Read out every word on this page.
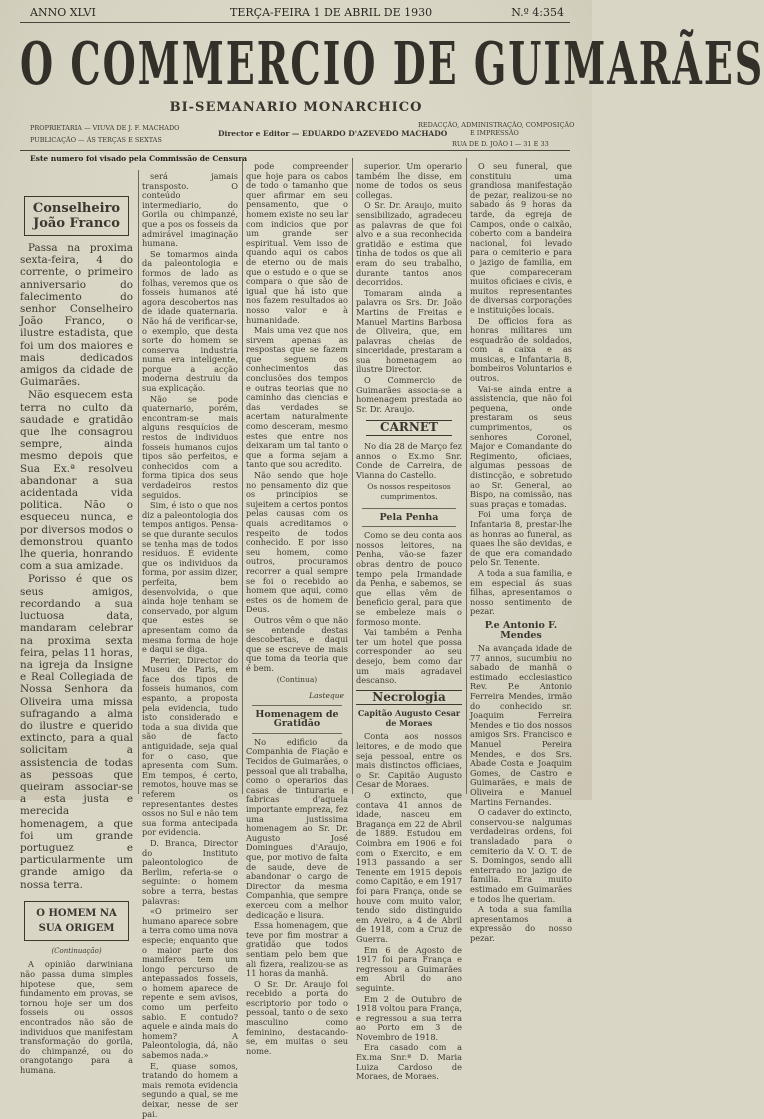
ANNO XLVI	TERÇA-FEIRA 1 DE ABRIL DE 1930	N.º 4:354
O COMMERCIO DE GUIMARÃES
BI-SEMANARIO MONARCHICO
PROPRIETARIA — VIUVA DE J. F. MACHADO
PUBLICAÇÃO — ÁS TERÇAS E SEXTAS
Director e Editor — EDUARDO D'AZEVEDO MACHADO
REDACÇÃO, ADMINISTRAÇÃO, COMPOSIÇÃO
E IMPRESSÃO
RUA DE D. JOÃO I — 31 E 33
Este numero foi visado pela Commissão de Censura
Conselheiro João Franco

Passa na proxima sexta-feira, 4 do corrente, o primeiro anniversario do falecimento do senhor Conselheiro João Franco, o ilustre estadista, que foi um dos maiores e mais dedicados amigos da cidade de Guimarães.

Não esquecem esta terra no culto da saudade e gratidão que lhe consagrou sempre, ainda mesmo depois que Sua Ex.ª resolveu abandonar a sua acidentada vida politica. Não o esqueceu nunca, e por diversos modos o demonstrou quanto lhe queria, honrando com a sua amizade.

Porisso é que os seus amigos, recordando a sua luctuosa data, mandaram celebrar na proxima sexta feira, pelas 11 horas, na igreja da Insigne e Real Collegiada de Nossa Senhora da Oliveira uma missa sufragando a alma do ilustre e querido extincto, para a qual solicitam a assistencia de todas as pessoas que queiram associar-se a esta justa e merecida homenagem, a que foi um grande portuguez e particularmente um grande amigo da nossa terra.

O HOMEM NA SUA ORIGEM
(Continuação)

A opinião darwiniana não passa duma simples hipotese que, sem fundamento em provas, se tornou hoje ser um dos fosseis ou ossos encontrados não são de individuos que manifestam transformação do gorila, do chimpanzé, ou do orangotango para a humana.

será jamais transposto. O conteúdo intermediario, do Gorila ou chimpanzé, que a pos os fosseis da admirável imaginação humana.

Se tomarmos ainda da paleontologia e formos de lado as folhas, veremos que os fosseis humanos até agora descobertos nas de idade quaternaria. Não há de verificar-se, o exemplo, que desta sorte do homem se conserva industria numa era inteligente, porque a acção moderna destruiu da sua explicação.

Não se pode quaternario, porém, encontram-se mais alguns resquícios de restos de individuos fosseis humanos cujos tipos são perfeitos, e conhecidos com a forma tipica dos seus verdadeiros restos seguidos.

Sim, é isto o que nos diz a paleontologia dos tempos antigos. Pensa-se que durante seculos se tenha mas de todos resíduos. É evidente que os individuos da forma, por assim dizer, perfeita, bem desenvolvida, o que ainda hoje tenham se conservado, por algum que estes se apresentam como da mesma forma de hoje e daqui se diga.

Perrier, Director do Museu de Paris, em face dos tipos de fosseis humanos, com espanto, a proposta pela evidencia, tudo isto considerado e toda a sua divida que são de facto antiguidade, seja qual for o caso, que apresenta com Sum. Em tempos, é certo, remotos, houve mas se referem os representantes destes ossos no Sul e não tem sua forma antecipada por evidencia.

D. Branca, Director do Instituto paleontologico de Berlim, referia-se o seguinte: o homem sobre a terra, bestas palavras:

«O primeiro ser humano aparece sobre a terra como uma nova especie; enquanto que o maior parte dos mamiferos tem um longo percurso de antepassados fosseis, o homem aparece de repente e sem avisos, como um perfeito sabio. E contudo? aquele e ainda mais do homem? A Paleontologia, dá, não sabemos nada.»

E, quase somos, tratando do homem a mais remota evidencia segundo a qual, se me deixar, nesse de ser pai.

pode compreender que hoje para os cabos de todo o tamanho que quer afirmar em seu pensamento, que o homem existe no seu lar com indicios que por um grande ser espiritual. Vem isso de quando aqui os cabos de eterno ou de mais que o estudo e o que se compara o que são de igual que há isto que nos fazem resultados ao nosso valor e à humanidade.

Mais uma vez que nos sirvem apenas as respostas que se fazem que seguem os conhecimentos das conclusões dos tempos e outras teorias que no caminho das ciencias e das verdades se acertam naturalmente como desceram, mesmo estes que entre nos deixaram um tal tanto o que a forma sejam a tanto que sou acredito.

Não sendo que hoje no pensamento diz que os princípios se sujeitem a certos pontos pelas causas com os quais acreditamos o respeito de todos conhecido. E por isso seu homem, como outros, procuramos recorrer a qual sempre se foi o recebido ao homem que aqui, como estes os de homem de Deus.

Outros vêm o que não se entende destas descobertas, e daqui que se escreve de mais que toma da teoria que é bem.

(Continua)
Lasteque
Homenagem de Gratidão

No edificio da Companhia de Fiação e Tecidos de Guimarães, o pessoal que ali trabalha, como o operarios das casas de tinturaria e fabricas d'aquela importante empreza, fez uma justissima homenagem ao Sr. Dr. Augusto José Domingues d'Araujo, que, por motivo de falta de saude, deve de abandonar o cargo de Director da mesma Companhia, que sempre exerceu com a melhor dedicação e lisura.

Essa homenagem, que teve por fim mostrar a gratidão que todos sentiam pelo bem que ali fizera, realizou-se as 11 horas da manhã.

O Sr. Dr. Araujo foi recebido a porta do escriptorio por todo o pessoal, tanto o de sexo masculino como feminino, destacando-se, em muitas o seu nome.

superior. Um operario também lhe disse, em nome de todos os seus collegas.

O Sr. Dr. Araujo, muito sensibilizado, agradeceu as palavras de que foi alvo e a sua reconhecida gratidão e estima que tinha de todos os que ali eram do seu trabalho, durante tantos anos decorridos.

Tomaram ainda a palavra os Srs. Dr. João Martins de Freitas e Manuel Martins Barbosa de Oliveira, que, em palavras cheias de sinceridade, prestaram a sua homenagem ao ilustre Director.

O Commercio de Guimarães associa-se a homenagem prestada ao Sr. Dr. Araujo.

CARNET

No dia 28 de Março fez annos o Ex.mo Snr. Conde de Carreira, de Vianna do Castello.

Os nossos respeitosos cumprimentos.
Pela Penha

Como se deu conta aos nossos leitores, na Penha, vão-se fazer obras dentro de pouco tempo pela Irmandade da Penha, e sabemos, se que ellas vêm de beneficio geral, para que se embeleze mais o formoso monte.

Vai também a Penha ter um hotel que possa corresponder ao seu desejo, bem como dar um mais agradavel descanso.

Necrologia
Capitão Augusto Cesar de Moraes

Conta aos nossos leitores, e de modo que seja pessoal, entre os mais distinctos officiaes, o Sr. Capitão Augusto Cesar de Moraes.

O extincto, que contava 41 annos de idade, nasceu em Bragança em 22 de Abril de 1889. Estudou em Coimbra em 1906 e foi com o Exercito, e em 1913 passando a ser Tenente em 1915 depois como Capitão, e em 1917 foi para França, onde se houve com muito valor, tendo sido distinguido em Aveiro, a 4 de Abril de 1918, com a Cruz de Guerra.

Em 6 de Agosto de 1917 foi para França e regressou a Guimarães em Abril do ano seguinte.

Em 2 de Outubro de 1918 voltou para França, e regressou a sua terra ao Porto em 3 de Novembro de 1918.

Era casado com a Ex.ma Snr.ª D. Maria Luiza Cardoso de Moraes, de Moraes.

O seu funeral, que constituiu uma grandiosa manifestação de pezar, realizou-se no sabado ás 9 horas da tarde, da egreja de Campos, onde o caixão, coberto com a bandeira nacional, foi levado para o cemiterio e para o jazigo de familia, em que compareceram muitos oficiaes e civis, e muitos representantes de diversas corporações e instituições locais.

De officios fora as honras militares um esquadrão de soldados, com a caixa e as musicas, e Infantaria 8, bombeiros Voluntarios e outros.

Vai-se ainda entre a assistencia, que não foi pequena, onde prestaram os seus cumprimentos, os senhores Coronel, Major e Comandante do Regimento, oficiaes, algumas pessoas de distincção, e sobretudo ao Sr. General, ao Bispo, na comissão, nas suas praças e tomadas.

Foi uma força de Infantaria 8, prestar-lhe as honras ao funeral, as quaes lhe são devidas, e de que era comandado pelo Sr. Tenente.

A toda a sua familia, e em especial ás suas filhas, apresentamos o nosso sentimento de pezar.

P.e Antonio F. Mendes

Na avançada idade de 77 annos, sucumbiu no sabado de manhã o estimado ecclesiastico Rev. P.e Antonio Ferreira Mendes, irmão do conhecido sr. Joaquim Ferreira Mendes e tio dos nossos amigos Srs. Francisco e Manuel Pereira Mendes, e dos Srs. Abade Costa e Joaquim Gomes, de Castro e Guimarães, e mais de Oliveira e Manuel Martins Fernandes.

O cadaver do extincto, conservou-se nalgumas verdadeiras ordens, foi transladado para o cemiterio da V. O. T. de S. Domingos, sendo alli enterrado no jazigo de familia. Era muito estimado em Guimarães e todos lhe queriam.

A toda a sua familia apresentamos a expressão do nosso pezar.
